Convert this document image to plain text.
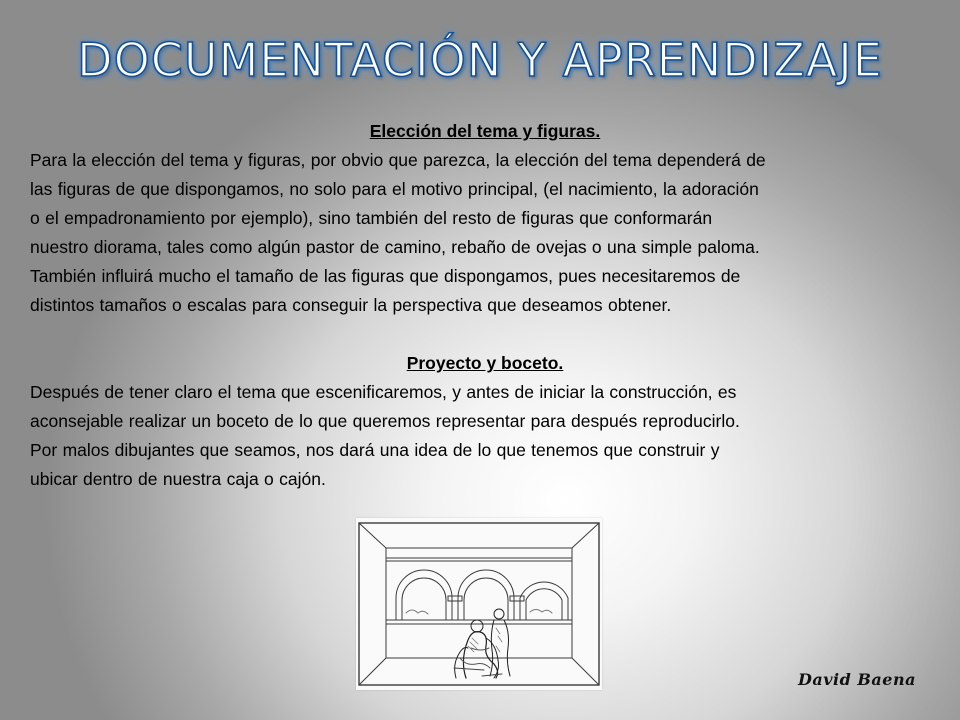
DOCUMENTACIÓN Y APRENDIZAJE

Elección del tema y figuras.

Para la elección del tema y figuras, por obvio que parezca, la elección del tema dependerá de

las figuras de que dispongamos, no solo para el motivo principal, (el nacimiento, la adoración

o el empadronamiento por ejemplo), sino también del resto de figuras que conformarán

nuestro diorama, tales como algún pastor de camino, rebaño de ovejas o una simple paloma.

También influirá mucho el tamaño de las figuras que dispongamos, pues necesitaremos de

distintos tamaños o escalas para conseguir la perspectiva que deseamos obtener.

Proyecto y boceto.

Después de tener claro el tema que escenificaremos, y antes de iniciar la construcción, es

aconsejable realizar un boceto de lo que queremos representar para después reproducirlo.

Por malos dibujantes que seamos, nos dará una idea de lo que tenemos que construir y

ubicar dentro de nuestra caja o cajón.

David Baena
